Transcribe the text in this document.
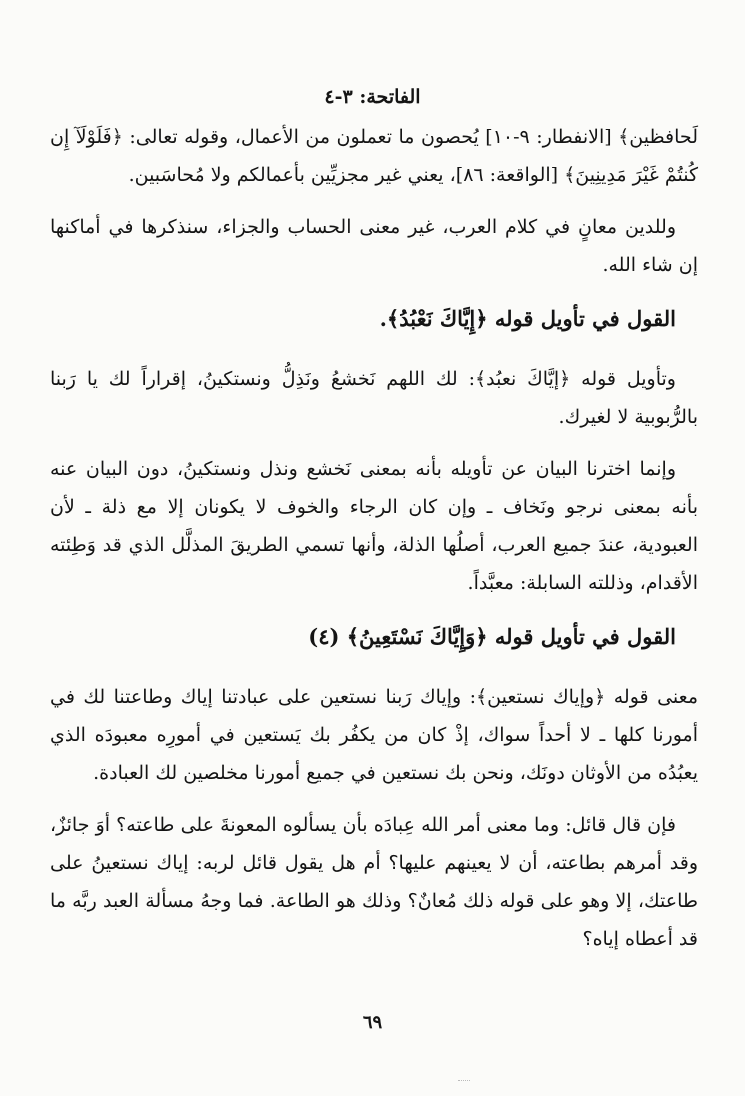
الفاتحة: ٣-٤

لَحافظين﴾ [الانفطار: ٩-١٠] يُحصون ما تعملون من الأعمال، وقوله تعالى: ﴿فَلَوْلَآ إِن كُنتُمْ غَيْرَ مَدِينِينَ﴾ [الواقعة: ٨٦]، يعني غير مجزيِّين بأعمالكم ولا مُحاسَبين.

وللدين معانٍ في كلام العرب، غير معنى الحساب والجزاء، سنذكرها في أماكنها إن شاء الله.

القول في تأويل قوله ﴿إِيَّاكَ نَعْبُدُ﴾.

وتأويل قوله ﴿إيَّاكَ نعبُد﴾: لك اللهم نَخشعُ ونَذِلُّ ونستكينُ، إقراراً لك يا رَبنا بالرُّبوبية لا لغيرك.

وإنما اخترنا البيان عن تأويله بأنه بمعنى نَخشع ونذل ونستكينُ، دون البيان عنه بأنه بمعنى نرجو ونَخاف ـ وإن كان الرجاء والخوف لا يكونان إلا مع ذلة ـ لأن العبودية، عندَ جميع العرب، أصلُها الذلة، وأنها تسمي الطريقَ المذلَّل الذي قد وَطِئته الأقدام، وذللته السابلة: معبَّداً.

القول في تأويل قوله ﴿وَإِيَّاكَ نَسْتَعِينُ﴾ (٤)

معنى قوله ﴿وإياك نستعين﴾: وإياك رَبنا نستعين على عبادتنا إياك وطاعتنا لك في أمورنا كلها ـ لا أحداً سواك، إذْ كان من يكفُر بك يَستعين في أمورِه معبودَه الذي يعبُدُه من الأوثان دونَك، ونحن بك نستعين في جميع أمورنا مخلصين لك العبادة.

فإن قال قائل: وما معنى أمر الله عِبادَه بأن يسألوه المعونةَ على طاعته؟ أوَ جائزٌ، وقد أمرهم بطاعته، أن لا يعينهم عليها؟ أم هل يقول قائل لربه: إياك نستعينُ على طاعتك، إلا وهو على قوله ذلك مُعانٌ؟ وذلك هو الطاعة. فما وجهُ مسألة العبد ربَّه ما قد أعطاه إياه؟

٦٩
